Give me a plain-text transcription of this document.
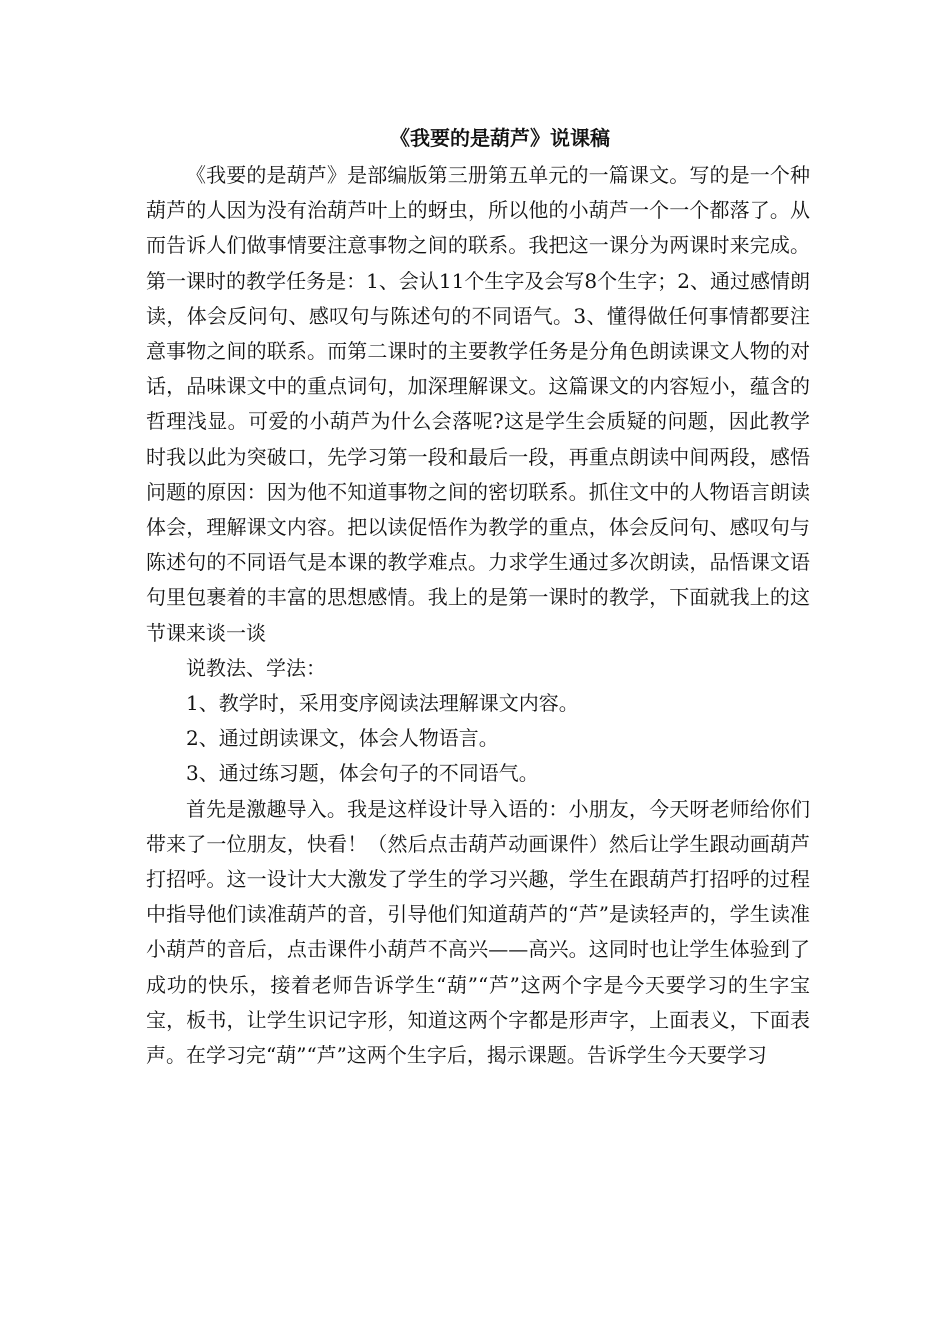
《我要的是葫芦》说课稿

《我要的是葫芦》是部编版第三册第五单元的一篇课文。写的是一个种葫芦的人因为没有治葫芦叶上的蚜虫，所以他的小葫芦一个一个都落了。从而告诉人们做事情要注意事物之间的联系。我把这一课分为两课时来完成。第一课时的教学任务是：1、会认11个生字及会写8个生字；2、通过感情朗读，体会反问句、感叹句与陈述句的不同语气。3、懂得做任何事情都要注意事物之间的联系。而第二课时的主要教学任务是分角色朗读课文人物的对话，品味课文中的重点词句，加深理解课文。这篇课文的内容短小，蕴含的哲理浅显。可爱的小葫芦为什么会落呢?这是学生会质疑的问题，因此教学时我以此为突破口，先学习第一段和最后一段，再重点朗读中间两段，感悟问题的原因：因为他不知道事物之间的密切联系。抓住文中的人物语言朗读体会，理解课文内容。把以读促悟作为教学的重点，体会反问句、感叹句与陈述句的不同语气是本课的教学难点。力求学生通过多次朗读，品悟课文语句里包裹着的丰富的思想感情。我上的是第一课时的教学，下面就我上的这节课来谈一谈

说教法、学法：

1、教学时，采用变序阅读法理解课文内容。

2、通过朗读课文，体会人物语言。

3、通过练习题，体会句子的不同语气。

首先是激趣导入。我是这样设计导入语的：小朋友，今天呀老师给你们带来了一位朋友，快看！（然后点击葫芦动画课件）然后让学生跟动画葫芦打招呼。这一设计大大激发了学生的学习兴趣，学生在跟葫芦打招呼的过程中指导他们读准葫芦的音，引导他们知道葫芦的“芦”是读轻声的，学生读准小葫芦的音后，点击课件小葫芦不高兴——高兴。这同时也让学生体验到了成功的快乐，接着老师告诉学生“葫”“芦”这两个字是今天要学习的生字宝宝，板书，让学生识记字形，知道这两个字都是形声字，上面表义，下面表声。在学习完“葫”“芦”这两个生字后，揭示课题。告诉学生今天要学习
